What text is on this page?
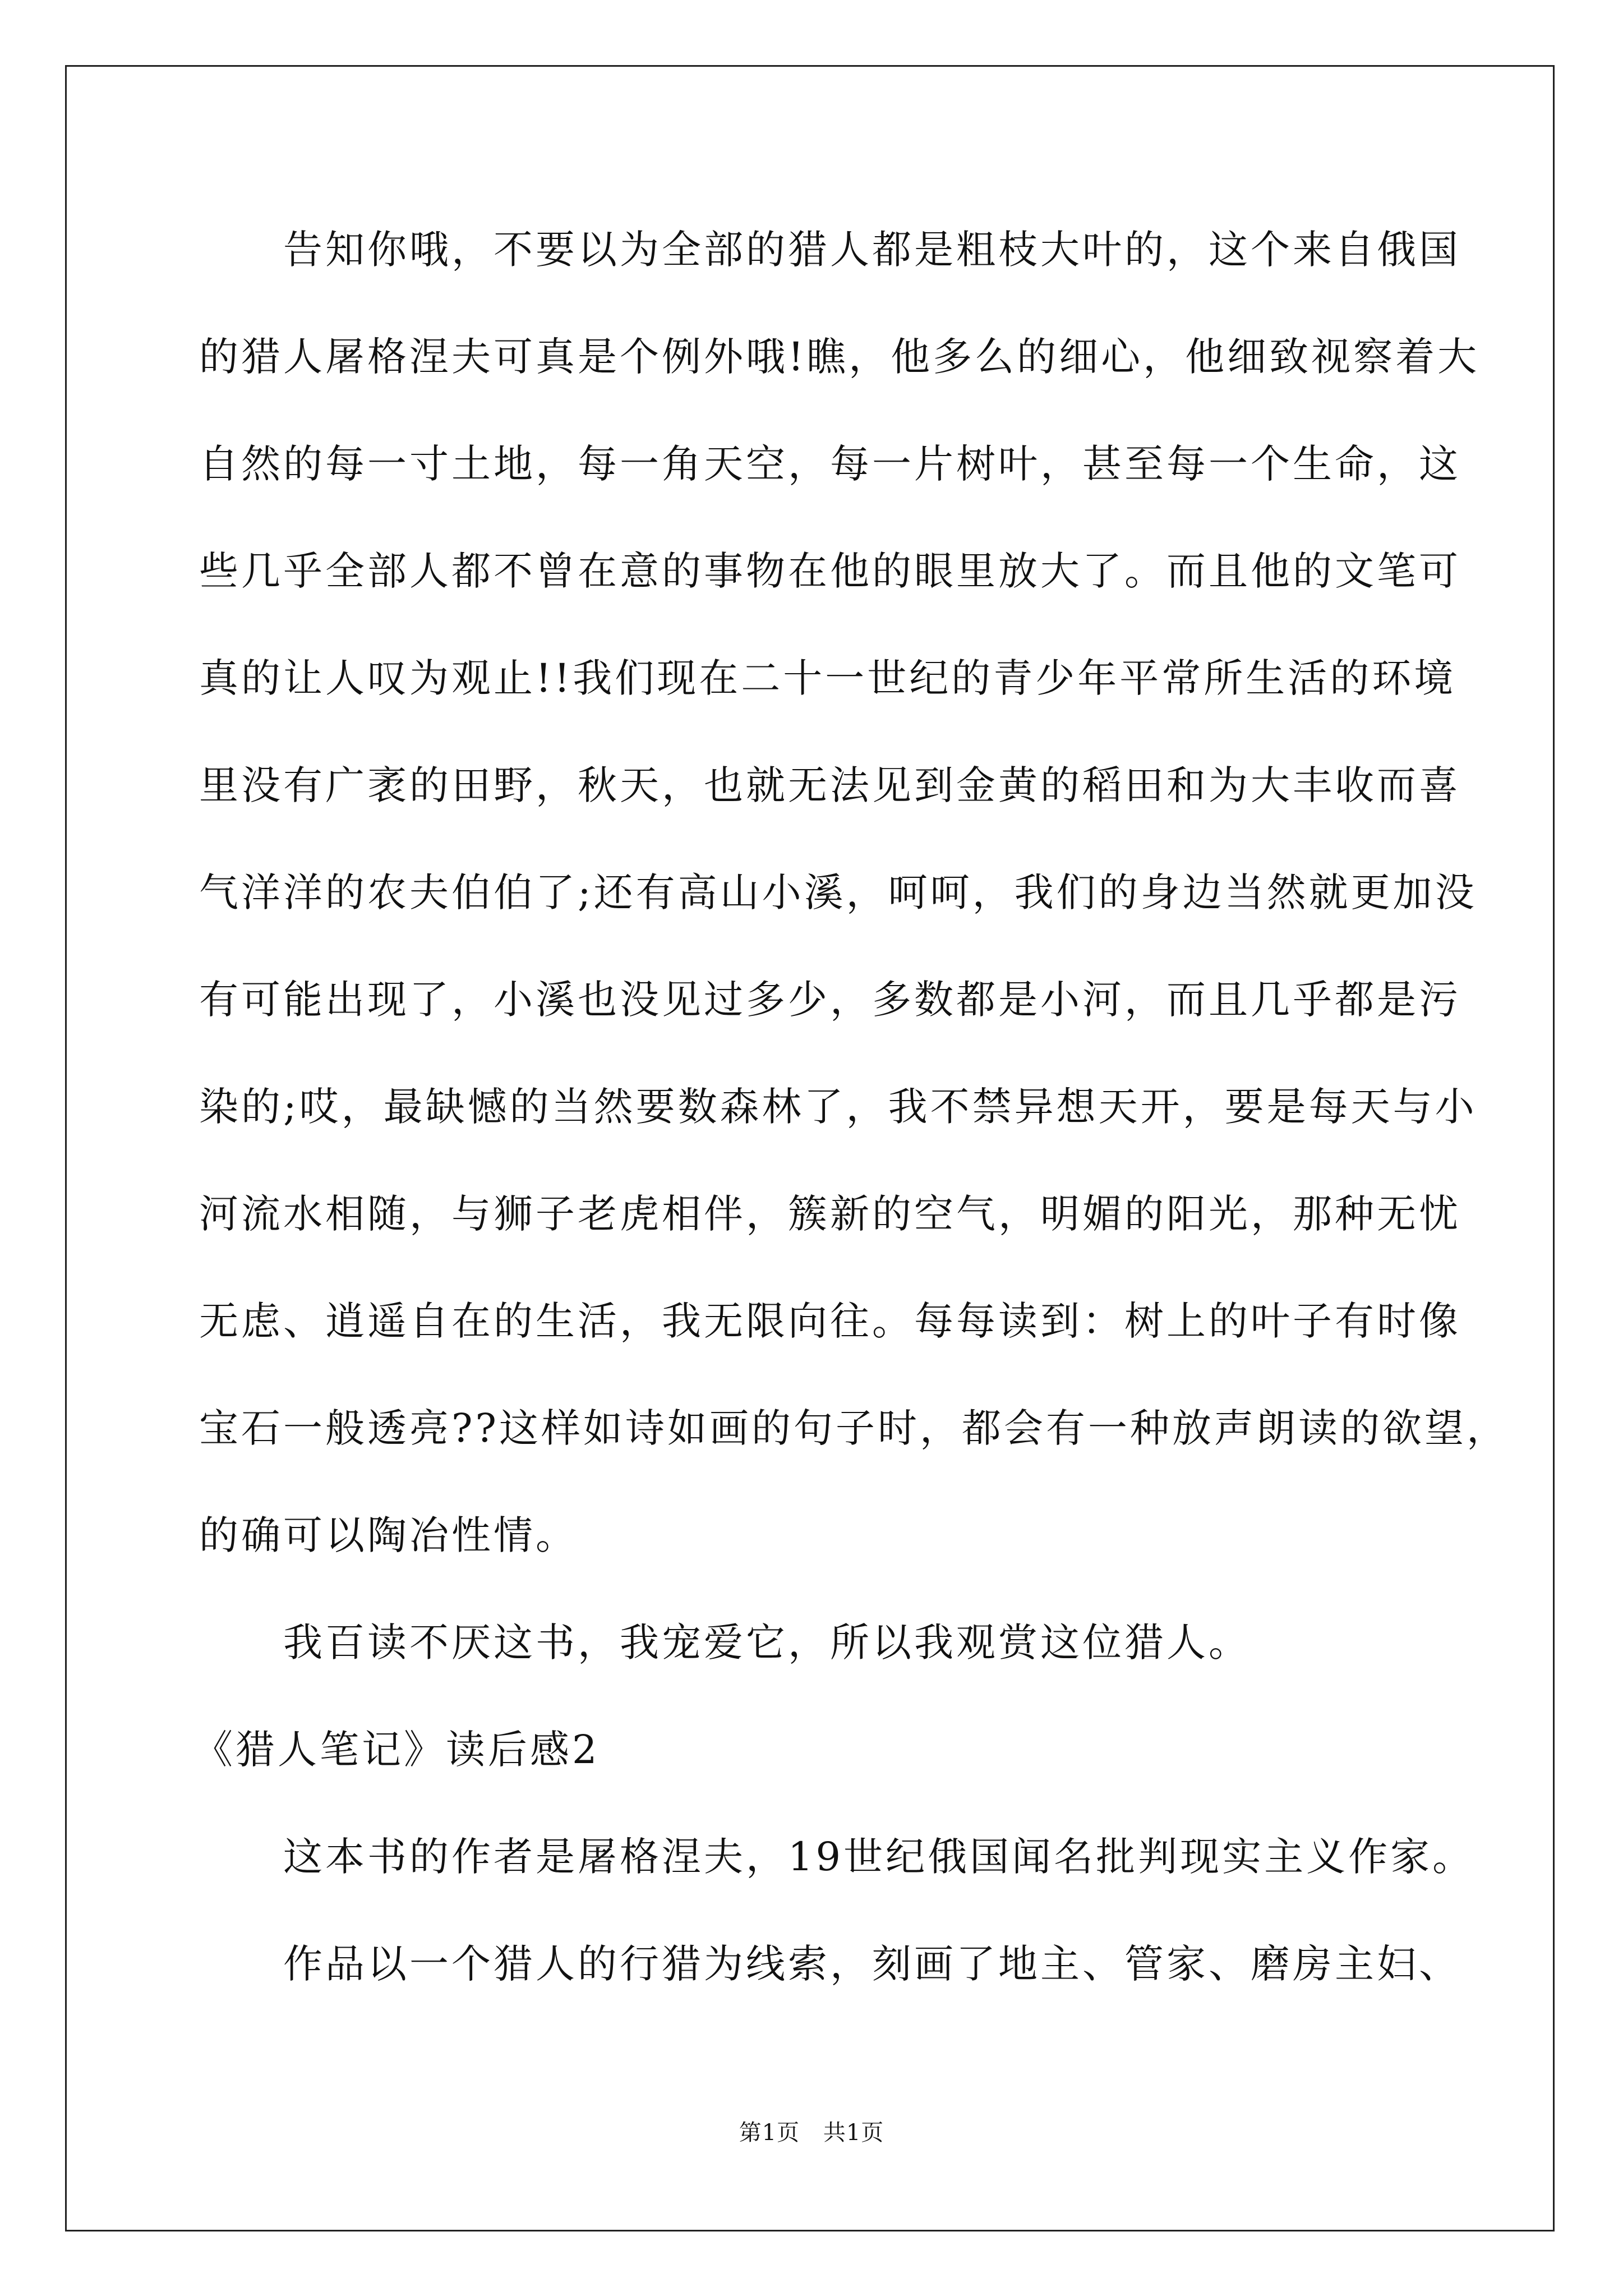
告知你哦，不要以为全部的猎人都是粗枝大叶的，这个来自俄国
的猎人屠格涅夫可真是个例外哦!瞧，他多么的细心，他细致视察着大
自然的每一寸土地，每一角天空，每一片树叶，甚至每一个生命，这
些几乎全部人都不曾在意的事物在他的眼里放大了。而且他的文笔可
真的让人叹为观止!!我们现在二十一世纪的青少年平常所生活的环境
里没有广袤的田野，秋天，也就无法见到金黄的稻田和为大丰收而喜
气洋洋的农夫伯伯了;还有高山小溪，呵呵，我们的身边当然就更加没
有可能出现了，小溪也没见过多少，多数都是小河，而且几乎都是污
染的;哎，最缺憾的当然要数森林了，我不禁异想天开，要是每天与小
河流水相随，与狮子老虎相伴，簇新的空气，明媚的阳光，那种无忧
无虑、逍遥自在的生活，我无限向往。每每读到：树上的叶子有时像
宝石一般透亮??这样如诗如画的句子时，都会有一种放声朗读的欲望，
的确可以陶冶性情。
我百读不厌这书，我宠爱它，所以我观赏这位猎人。
《猎人笔记》读后感2
这本书的作者是屠格涅夫，19世纪俄国闻名批判现实主义作家。
作品以一个猎人的行猎为线索，刻画了地主、管家、磨房主妇、
第1页 共1页
